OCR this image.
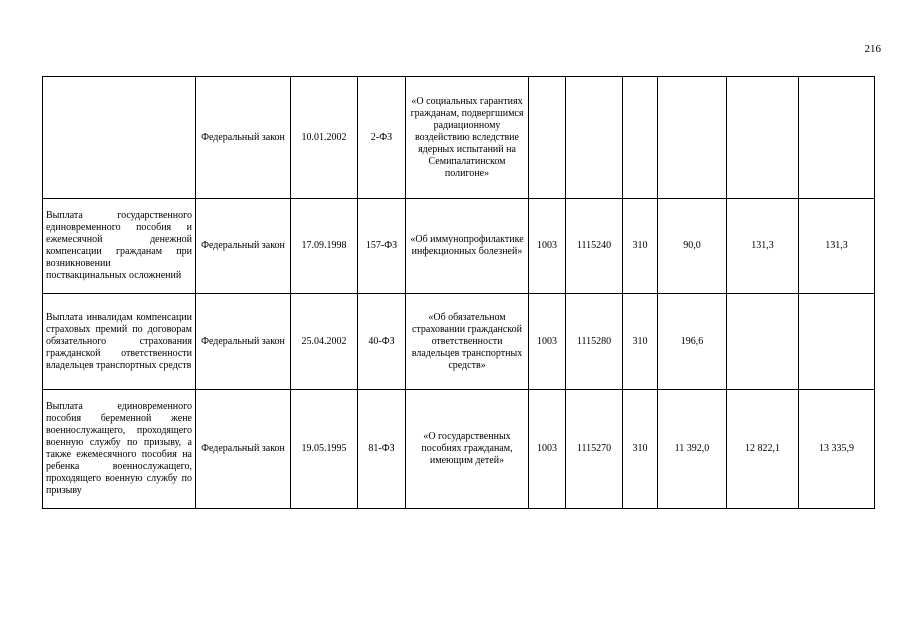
216
	Федеральный закон	10.01.2002	2-ФЗ	«О социальных гарантиях гражданам, подвергшимся радиационному воздействию вследствие ядерных испытаний на Семипалатинском полигоне»						
Выплата государственного единовременного пособия и ежемесячной денежной компенсации гражданам при возникновении поствакцинальных осложнений	Федеральный закон	17.09.1998	157-ФЗ	«Об иммунопрофилактике инфекционных болезней»	1003	1115240	310	90,0	131,3	131,3
Выплата инвалидам компенсации страховых премий по договорам обязательного страхования гражданской ответственности владельцев транспортных средств	Федеральный закон	25.04.2002	40-ФЗ	«Об обязательном страховании гражданской ответственности владельцев транспортных средств»	1003	1115280	310	196,6		
Выплата единовременного пособия беременной жене военнослужащего, проходящего военную службу по призыву, а также ежемесячного пособия на ребенка военнослужащего, проходящего военную службу по призыву	Федеральный закон	19.05.1995	81-ФЗ	«О государственных пособиях гражданам, имеющим детей»	1003	1115270	310	11 392,0	12 822,1	13 335,9
